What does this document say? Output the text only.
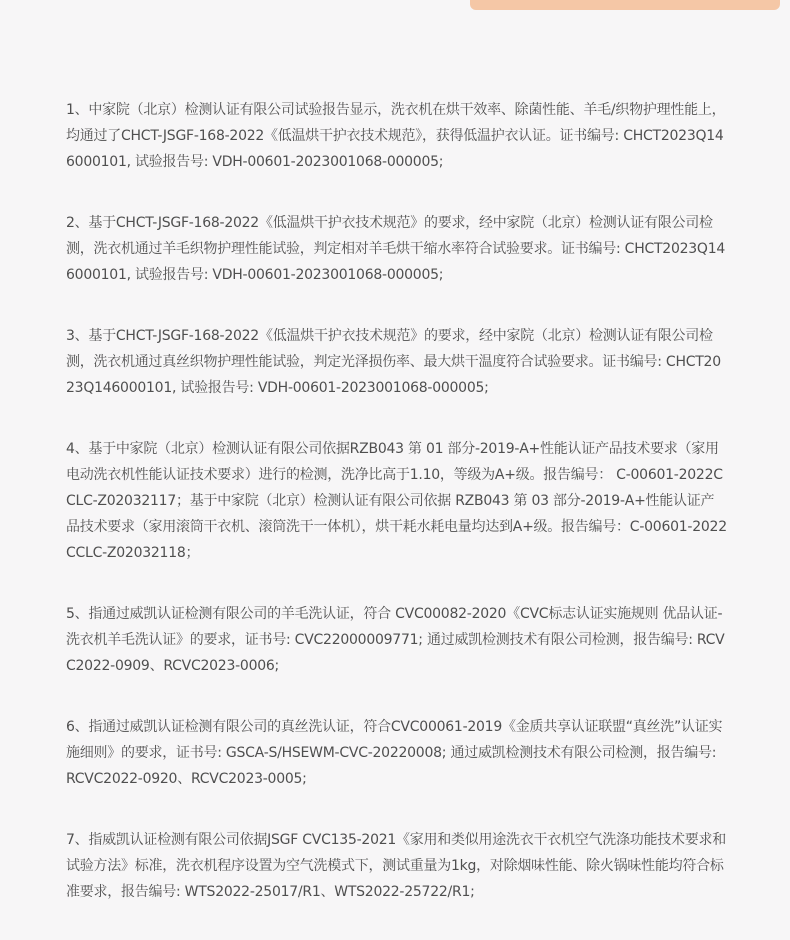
1、中家院（北京）检测认证有限公司试验报告显示，洗衣机在烘干效率、除菌性能、羊毛/织物护理性能上，均通过了CHCT-JSGF-168-2022《低温烘干护衣技术规范》，获得低温护衣认证。证书编号: CHCT2023Q146000101, 试验报告号: VDH-00601-2023001068-000005;

2、基于CHCT-JSGF-168-2022《低温烘干护衣技术规范》的要求，经中家院（北京）检测认证有限公司检测，洗衣机通过羊毛织物护理性能试验，判定相对羊毛烘干缩水率符合试验要求。证书编号: CHCT2023Q146000101, 试验报告号: VDH-00601-2023001068-000005;

3、基于CHCT-JSGF-168-2022《低温烘干护衣技术规范》的要求，经中家院（北京）检测认证有限公司检测，洗衣机通过真丝织物护理性能试验，判定光泽损伤率、最大烘干温度符合试验要求。证书编号: CHCT2023Q146000101, 试验报告号: VDH-00601-2023001068-000005;

4、基于中家院（北京）检测认证有限公司依据RZB043 第 01 部分-2019-A+性能认证产品技术要求（家用电动洗衣机性能认证技术要求）进行的检测，洗净比高于1.10，等级为A+级。报告编号： C-00601-2022CCLC-Z02032117；基于中家院（北京）检测认证有限公司依据 RZB043 第 03 部分-2019-A+性能认证产品技术要求（家用滚筒干衣机、滚筒洗干一体机），烘干耗水耗电量均达到A+级。报告编号：C-00601-2022CCLC-Z02032118；

5、指通过威凯认证检测有限公司的羊毛洗认证，符合 CVC00082-2020《CVC标志认证实施规则 优品认证-洗衣机羊毛洗认证》的要求，证书号: CVC22000009771; 通过威凯检测技术有限公司检测，报告编号: RCVC2022-0909、RCVC2023-0006;

6、指通过威凯认证检测有限公司的真丝洗认证，符合CVC00061-2019《金质共享认证联盟“真丝洗”认证实施细则》的要求，证书号: GSCA-S/HSEWM-CVC-20220008; 通过威凯检测技术有限公司检测，报告编号: RCVC2022-0920、RCVC2023-0005;

7、指威凯认证检测有限公司依据JSGF CVC135-2021《家用和类似用途洗衣干衣机空气洗涤功能技术要求和试验方法》标准，洗衣机程序设置为空气洗模式下，测试重量为1kg，对除烟味性能、除火锅味性能均符合标准要求，报告编号: WTS2022-25017/R1、WTS2022-25722/R1;
